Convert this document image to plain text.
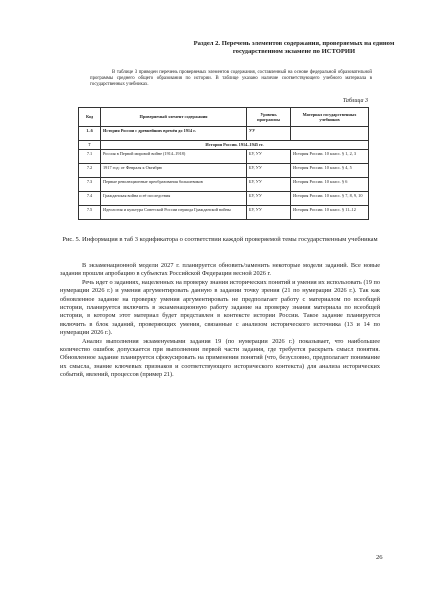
Раздел 2. Перечень элементов содержания, проверяемых на едином государственном экзамене по ИСТОРИИ

В таблице 3 приведен перечень проверяемых элементов содержания, составленный на основе федеральной образовательной программы среднего общего образования по истории. В таблице указано наличие соответствующего учебного материала в государственных учебниках.

Таблица 3
Код	Проверяемый элемент содержания	Уровень программы	Материал государственных учебников
1–6	История России с древнейших времён до 1914 г.	УУ	
7	История России. 1914–1945 гг.		
7.1	Россия в Первой мировой войне (1914–1918)	БУ, УУ	История России. 10 класс. § 1, 2, 3
7.2	1917 год: от Февраля к Октябрю	БУ, УУ	История России. 10 класс. § 4, 5
7.3	Первые революционные преобразования большевиков	БУ, УУ	История России. 10 класс. § 6
7.4	Гражданская война и её последствия	БУ, УУ	История России. 10 класс. § 7, 8, 9, 10
7.5	Идеология и культура Советской России периода Гражданской войны	БУ, УУ	История России. 10 класс. § 11–12

Рис. 5. Информация в таб 3 кодификатора о соответствии каждой проверяемой темы государственным учебникам

В экзаменационной модели 2027 г. планируется обновить/заменить некоторые модели заданий. Все новые задания прошли апробацию в субъектах Российской Федерации весной 2026 г.

Речь идет о заданиях, нацеленных на проверку знания исторических понятий и умения их использовать (19 по нумерации 2026 г.) и умения аргументировать данную в задании точку зрения (21 по нумерации 2026 г.). Так как обновленное задание на проверку умения аргументировать не предполагает работу с материалом по всеобщей истории, планируется включить в экзаменационную работу задание на проверку знания материала по всеобщей истории, в котором этот материал будет представлен в контексте истории России. Такое задание планируется включить в блок заданий, проверяющих умения, связанные с анализом исторического источника (13 и 14 по нумерации 2026 г.).

Анализ выполнения экзаменуемыми задания 19 (по нумерации 2026 г.) показывает, что наибольшее количество ошибок допускается при выполнении первой части задания, где требуется раскрыть смысл понятия. Обновленное задание планируется сфокусировать на применении понятий (что, безусловно, предполагает понимание их смысла, знание ключевых признаков и соответствующего исторического контекста) для анализа исторических событий, явлений, процессов (пример 21).

26
